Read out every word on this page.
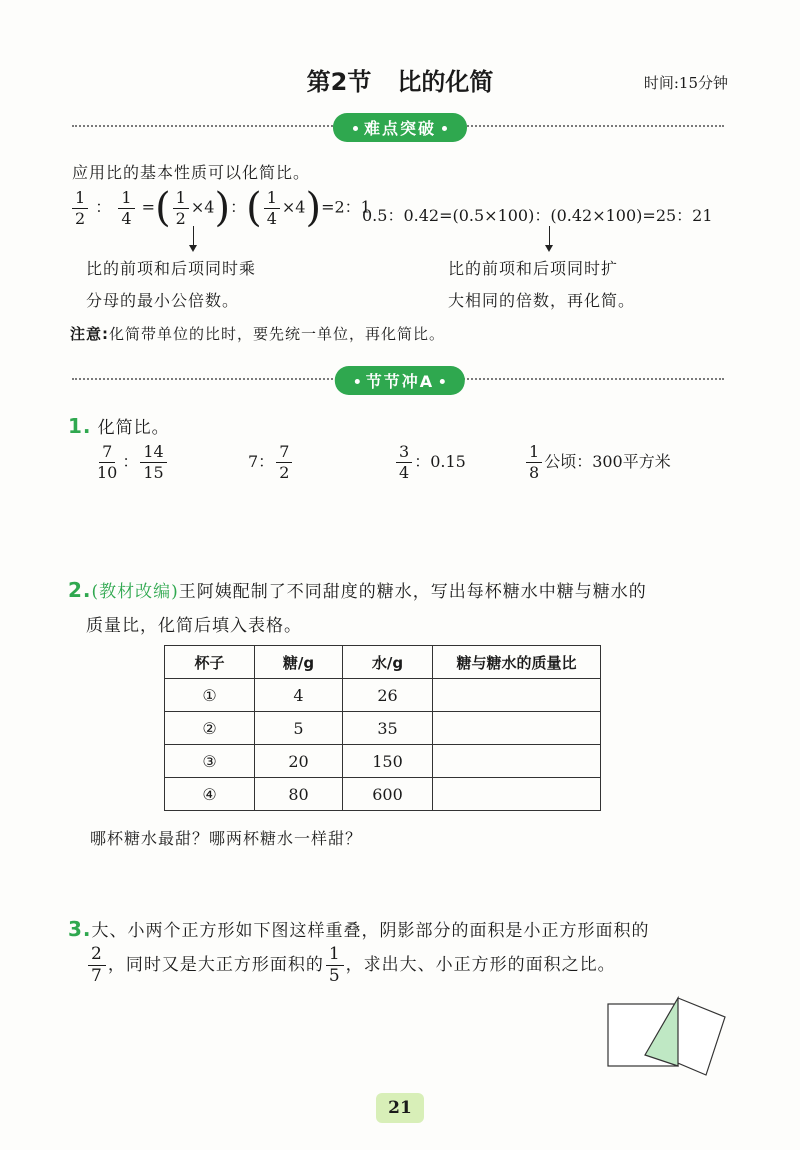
第2节 比的化简	时间:15分钟
难点突破
应用比的基本性质可以化简比。
$\frac{1}{2}$ ： $\frac{1}{4}$ =( $\frac{1}{2} \times 4$)：( $\frac{1}{4} \times 4)=2$：1
比的前项和后项同时乘
分母的最小公倍数。
0.5：0.42=(0.5×100)：(0.42×100)=25：21
比的前项和后项同时扩
大相同的倍数，再化简。
注意:化简带单位的比时，要先统一单位，再化简比。
节节冲A
1. 化简比。
$\frac{7}{10}$ ： $\frac{14}{15}$	7： $\frac{7}{2}$	$\frac{3}{4}$ ：0.15	$\frac{1}{8}$ 公顷：300平方米
2.(教材改编)王阿姨配制了不同甜度的糖水，写出每杯糖水中糖与糖水的
质量比，化简后填入表格。
杯子	糖/g	水/g	糖与糖水的质量比
①	4	26	
②	5	35	
③	20	150	
④	80	600	
哪杯糖水最甜？哪两杯糖水一样甜？
3.大、小两个正方形如下图这样重叠，阴影部分的面积是小正方形面积的
$\frac{2}{7}$ ，同时又是大正方形面积的 $\frac{1}{5}$ ，求出大、小正方形的面积之比。
21
